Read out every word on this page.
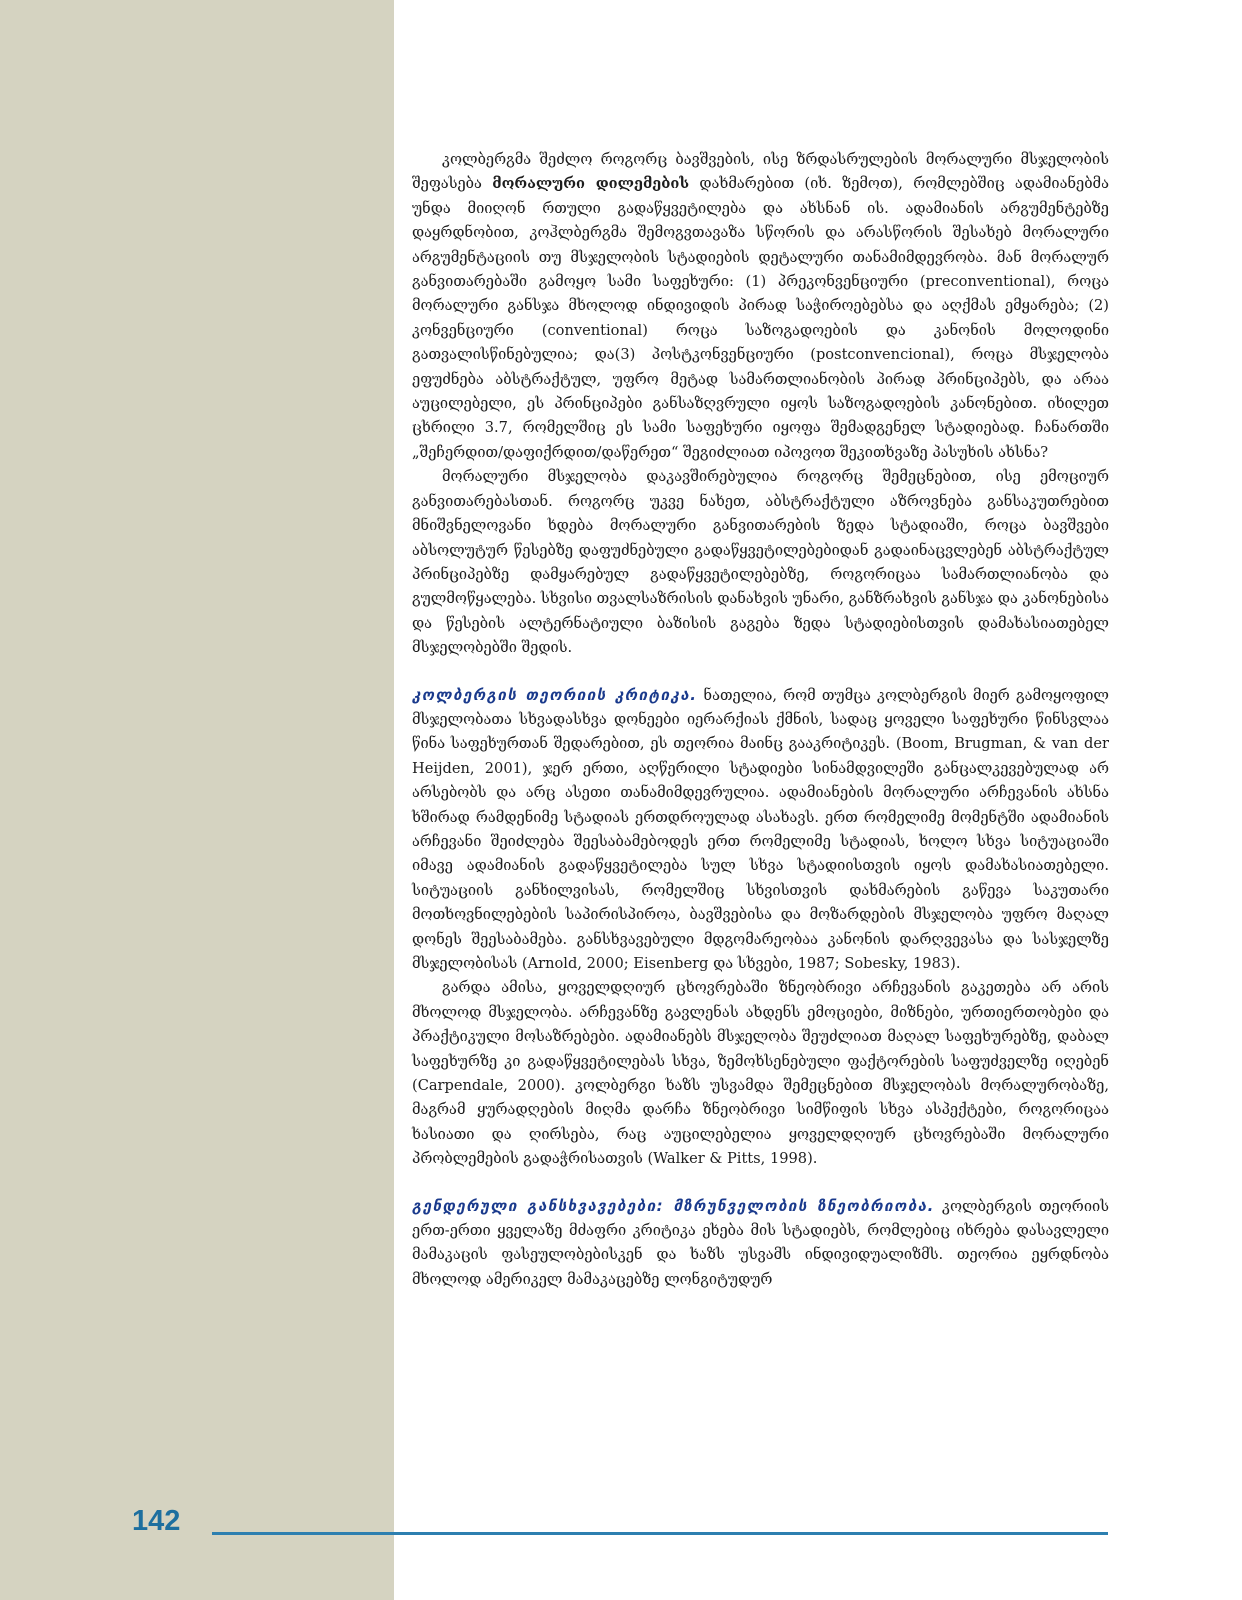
კოლბერგმა შეძლო როგორც ბავშვების, ისე ზრდასრულების მორალური მსჯელობის შეფასება მორალური დილემების დახმარებით (იხ. ზემოთ), რომლებშიც ადამიანებმა უნდა მიიღონ რთული გადაწყვეტილება და ახსნან ის. ადამიანის არგუმენტებზე დაყრდნობით, კოჰლბერგმა შემოგვთავაზა სწორის და არასწორის შესახებ მორალური არგუმენტაციის თუ მსჯელობის სტადიების დეტალური თანამიმდევრობა. მან მორალურ განვითარებაში გამოყო სამი საფეხური: (1) პრეკონვენციური (preconventional), როცა მორალური განსჯა მხოლოდ ინდივიდის პირად საჭიროებებსა და აღქმას ემყარება; (2) კონვენციური (conventional) როცა საზოგადოების და კანონის მოლოდინი გათვალისწინებულია; და(3) პოსტკონვენციური (postconvencional), როცა მსჯელობა ეფუძნება აბსტრაქტულ, უფრო მეტად სამართლიანობის პირად პრინციპებს, და არაა აუცილებელი, ეს პრინციპები განსაზღვრული იყოს საზოგადოების კანონებით. იხილეთ ცხრილი 3.7, რომელშიც ეს სამი საფეხური იყოფა შემადგენელ სტადიებად. ჩანართში „შეჩერდით/დაფიქრდით/დაწერეთ“ შეგიძლიათ იპოვოთ შეკითხვაზე პასუხის ახსნა?

მორალური მსჯელობა დაკავშირებულია როგორც შემეცნებით, ისე ემოციურ განვითარებასთან. როგორც უკვე ნახეთ, აბსტრაქტული აზროვნება განსაკუთრებით მნიშვნელოვანი ხდება მორალური განვითარების ზედა სტადიაში, როცა ბავშვები აბსოლუტურ წესებზე დაფუძნებული გადაწყვეტილებებიდან გადაინაცვლებენ აბსტრაქტულ პრინციპებზე დამყარებულ გადაწყვეტილებებზე, როგორიცაა სამართლიანობა და გულმოწყალება. სხვისი თვალსაზრისის დანახვის უნარი, განზრახვის განსჯა და კანონებისა და წესების ალტერნატიული ბაზისის გაგება ზედა სტადიებისთვის დამახასიათებელ მსჯელობებში შედის.

კოლბერგის თეორიის კრიტიკა. ნათელია, რომ თუმცა კოლბერგის მიერ გამოყოფილ მსჯელობათა სხვადასხვა დონეები იერარქიას ქმნის, სადაც ყოველი საფეხური წინსვლაა წინა საფეხურთან შედარებით, ეს თეორია მაინც გააკრიტიკეს. (Boom, Brugman, & van der Heijden, 2001), ჯერ ერთი, აღწერილი სტადიები სინამდვილეში განცალკევებულად არ არსებობს და არც ასეთი თანამიმდევრულია. ადამიანების მორალური არჩევანის ახსნა ხშირად რამდენიმე სტადიას ერთდროულად ასახავს. ერთ რომელიმე მომენტში ადამიანის არჩევანი შეიძლება შეესაბამებოდეს ერთ რომელიმე სტადიას, ხოლო სხვა სიტუაციაში იმავე ადამიანის გადაწყვეტილება სულ სხვა სტადიისთვის იყოს დამახასიათებელი. სიტუაციის განხილვისას, რომელშიც სხვისთვის დახმარების გაწევა საკუთარი მოთხოვნილებების საპირისპიროა, ბავშვებისა და მოზარდების მსჯელობა უფრო მაღალ დონეს შეესაბამება. განსხვავებული მდგომარეობაა კანონის დარღვევასა და სასჯელზე მსჯელობისას (Arnold, 2000; Eisenberg და სხვები, 1987; Sobesky, 1983).

გარდა ამისა, ყოველდღიურ ცხოვრებაში ზნეობრივი არჩევანის გაკეთება არ არის მხოლოდ მსჯელობა. არჩევანზე გავლენას ახდენს ემოციები, მიზნები, ურთიერთობები და პრაქტიკული მოსაზრებები. ადამიანებს მსჯელობა შეუძლიათ მაღალ საფეხურებზე, დაბალ საფეხურზე კი გადაწყვეტილებას სხვა, ზემოხსენებული ფაქტორების საფუძველზე იღებენ (Carpendale, 2000). კოლბერგი ხაზს უსვამდა შემეცნებით მსჯელობას მორალურობაზე, მაგრამ ყურადღების მიღმა დარჩა ზნეობრივი სიმწიფის სხვა ასპექტები, როგორიცაა ხასიათი და ღირსება, რაც აუცილებელია ყოველდღიურ ცხოვრებაში მორალური პრობლემების გადაჭრისათვის (Walker & Pitts, 1998).

გენდერული განსხვავებები: მზრუნველობის ზნეობრიობა. კოლბერგის თეორიის ერთ-ერთი ყველაზე მძაფრი კრიტიკა ეხება მის სტადიებს, რომლებიც იხრება დასავლელი მამაკაცის ფასეულობებისკენ და ხაზს უსვამს ინდივიდუალიზმს. თეორია ეყრდნობა მხოლოდ ამერიკელ მამაკაცებზე ლონგიტუდურ

142
